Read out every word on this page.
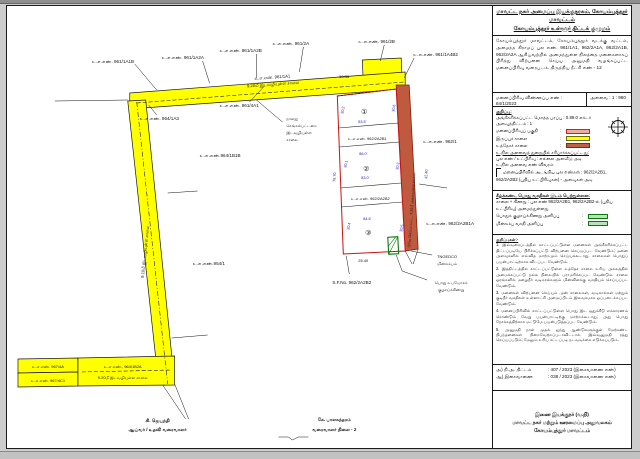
உ.எ.எண். 961/1A1B
உ.எ.எண். 961/1A2A
உ.எ.எண். 961/1A2B
உ.எ.எண். 961/2A	உ.எ.எண். 961/2B
உ.எ.எண். 961/1A4B2
உ.எ.எண். 961/4A1
உ.எ.எண். 961/1A1
9.20மீ இடவழியுள்ள சாலை
50/35
நாளது
செங்கல்பட்டறை
இடவழியுள்ள
சாலை
உ.எ.எண். 964/1A3
9.10மீ இடவழியுள்ள சாலை
உ.எ.எண்.964/1B1B
உ.எ.எண்.954/1
உ.எ.எண். 962/1
உ.எ.எண். 962/2A2B1A
உ.எ.எண். 962/2A2B1
உ.எ.எண். 962/2A2B2
①
②
③	பிரிவு செய்யப்பட்ட 7.20மீ அகலமுள்ள சாலை
83.5'
86.0'
83.0'
84.6'
30.2
30.1
30.4
30.6
30.3
30.5
76.70	42.40
25.40
S.F.No. 962/2A2B2
TNGEDCO
மின்கம்பம்
பொது உபயோகக்
குழாய்க்கிணறு
உ.எ.எண். 967/4A
உ.எ.எண். 967/4C1
உ.எ.எண்., 964/1B2A
9.20மீ இடவழியுள்ள சாலை
கி. ஜெயந்தி
ஆய்வர் / உதவி வரைவாளர்
கே. பாலசுந்தரம்
வரைவாளர் நிலை - 2
மாவட்ட நகர் அமைப்பு இயக்குநரகம், கோயம்புத்தூர் மாவட்டம்
கோயம்புத்தூர் உள்ளூர் திட்டக் குழுமம்
கோயம்புத்தூர் மாவட்டம், கோயம்புத்தூர் வடக்கு வட்டம், அமைந்த கிராமப் புல எண். 961/1A1, 962/2A1A, 962/2A1B, 962/2A2A ஆகியவற்றில் அமைந்துள்ள நிலத்தை மனைகளாகப் பிரித்து விற்பனை செய்ய அனுமதி வழங்கப்பட்ட மனைப்பிரிவு வரைபடம். திருத்திய நீட்சி எண் - 12
மனைப்பிரிவு விண்ணப்ப எண் : 84/1/2023
அளவை : 1 : 960
குறிப்பு:
அங்கீகரிக்கப்பட்ட மொத்த பரப்பு : 0.89.0 எக்டர்
அளவுத்திட்டம் : 1
மனைப்பிரிவுப் பகுதி	:
இருப்புச் சாலை	:
உத்தேசச் சாலை	:
உ.நில அளவைத் துறையில் சரிபார்க்கப்பட்டது:
புல எண் / உட்பிரிவு : எல்லை அளவீடு அடி
உ.நில அளவை எண் விவரம்
மனைப்பிரிவில் அடங்கிய புல எண்கள் : 962/2A2B1,
962/2A2B2 (புதிய உட்பிரிவுகள்) - அளவுகள் அடி
கீழ்க்கண்ட பொது வசதிகள் இடம் பெற்றுள்ளன:
சாலை + கிணறு : புல எண் 962/2A2B1, 962/2A2B2-ல் (புதிய உட்பிரிவு) அமைந்துள்ளது
பொதுக் குழாய்க்கிணறு அளிப்பு	:
மின்கம்ப வசதி அளிப்பு	:
குறிப்புகள்:-

1. இவ்வரைபடத்தில் காட்டப்பட்டுள்ள மனைகள் அங்கீகரிக்கப்பட்ட திட்டப்படியே பிரிக்கப்பட்டு விற்பனை செய்யப்பட வேண்டும்; மனை அளவுகளில் எவ்வித மாற்றமும் செய்யக்கூடாது. சாலைகள் பொதுப் பயன்பாட்டிற்காக விடப்பட வேண்டும்.

2. இத்திட்டத்தில் காட்டப்பட்டுள்ள உத்தேச சாலை உரிய அகலத்தில் அமைக்கப்பட்டு நல்ல நிலையில் பராமரிக்கப்பட வேண்டும். சாலை ஓரங்களில் மழைநீர் வடிகால்களும் மின்விளக்கு வசதியும் செய்யப்பட வேண்டும்.

3. மனைகள் விற்பனை செய்யும் முன் சாலைகள், வடிகால்கள் மற்றும் குடிநீர் வசதிகள் உள்ளாட்சி அமைப்பிடம் இலவசமாக ஒப்படைக்கப்பட வேண்டும்.

4. மனைப்பிரிவில் காட்டப்பட்டுள்ள பொது இட ஒதுக்கீடு எக்காரணம் கொண்டும் வேறு பயன்பாட்டிற்கு மாற்றக்கூடாது; அது பொது நோக்கத்திற்காக மட்டுமே பயன்படுத்தப்பட வேண்டும்.

5. அனுமதி நாள் முதல் ஐந்து ஆண்டுகளுக்குள் மேற்கண்ட நிபந்தனைகள் நிறைவேற்றப்படாவிட்டால் இவ்வனுமதி ரத்து செய்யப்படும்; மேலும் உரிய சட்டப்படி நடவடிக்கை எடுக்கப்படும்.

அ) நி.அ. திட்டம்	: 407 / 2023 (இசைவாணை எண்)
ஆ) இசைவாணை	: 038 / 2023 (இசைவாணை எண்)
இணை இயக்குநர் (வ.நி)
மாவட்ட நகர் மற்றும் ஊரமைப்பு அலுவலகம்
கோயம்புத்தூர் மாவட்டம்
